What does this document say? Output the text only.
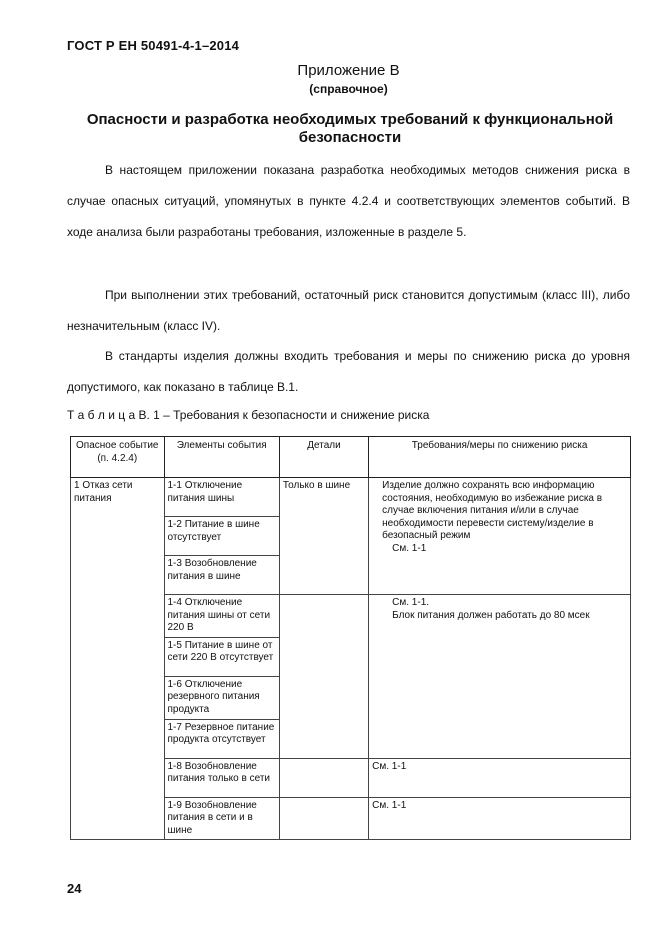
ГОСТ Р ЕН 50491-4-1–2014
Приложение В
(справочное)
Опасности и разработка необходимых требований к функциональной безопасности

В настоящем приложении показана разработка необходимых методов снижения риска в случае опасных ситуаций, упомянутых в пункте 4.2.4 и соответствующих элементов событий. В ходе анализа были разработаны требования, изложенные в разделе 5.

При выполнении этих требований, остаточный риск становится допустимым (класс III), либо незначительным (класс IV).

В стандарты изделия должны входить требования и меры по снижению риска до уровня допустимого, как показано в таблице В.1.

Т а б л и ц а В. 1 – Требования к безопасности и снижение риска
Опасное событие (п. 4.2.4)	Элементы события	Детали	Требования/меры по снижению риска
1 Отказ сети питания	1-1 Отключение питания шины	Только в шине	Изделие должно сохранять всю информацию состояния, необходимую во избежание риска в случае включения питания и/или в случае необходимости перевести систему/изделие в безопасный режим
См. 1-1

	1-2 Питание в шине отсутствует		
	1-3 Возобновление питания в шине		
	1-4 Отключение питания шины от сети 220 В		См. 1-1.
Блок питания должен работать до 80 мсек

	1-5 Питание в шине от сети 220 В отсутствует		
	1-6 Отключение резервного питания продукта		
	1-7 Резервное питание продукта отсутствует		
	1-8 Возобновление питания только в сети		См. 1-1
	1-9 Возобновление питания в сети и в шине		См. 1-1
24
